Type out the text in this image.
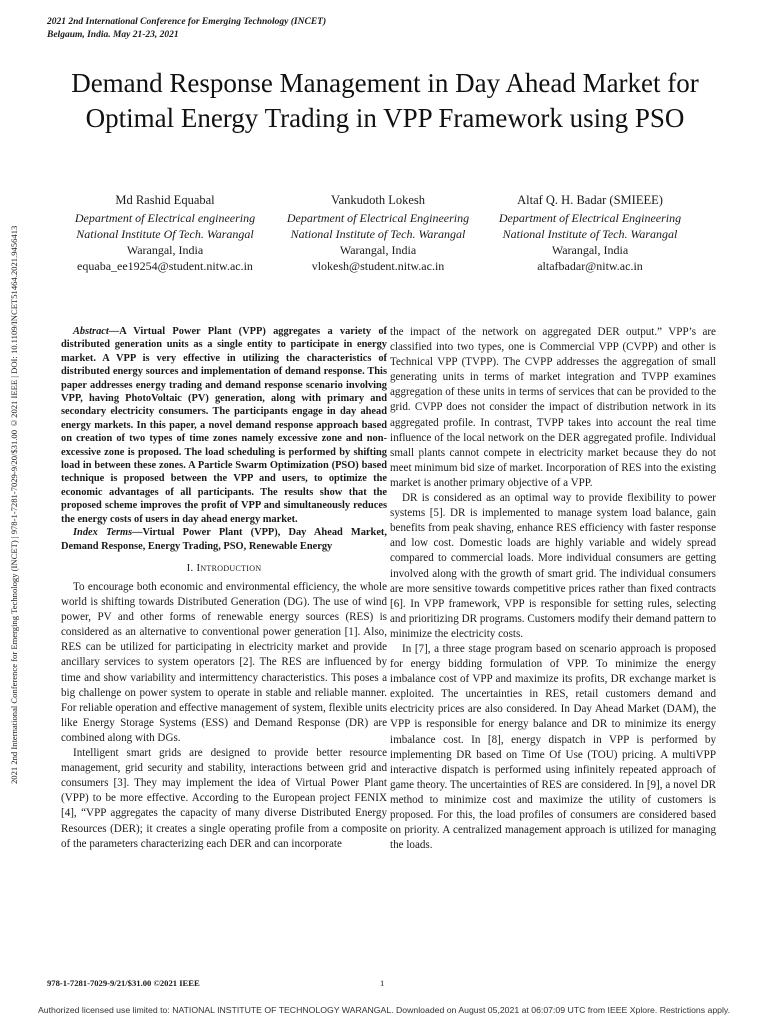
2021 2nd International Conference for Emerging Technology (INCET)
Belgaum, India. May 21-23, 2021
2021 2nd International Conference for Emerging Technology (INCET) | 978-1-7281-7029-9/20/$31.00 ©2021 IEEE | DOI: 10.1109/INCET51464.2021.9456413
Demand Response Management in Day Ahead Market for Optimal Energy Trading in VPP Framework using PSO
Md Rashid Equabal
Department of Electrical engineering
National Institute Of Tech. Warangal
Warangal, India
equaba_ee19254@student.nitw.ac.in
Vankudoth Lokesh
Department of Electrical Engineering
National Institute of Tech. Warangal
Warangal, India
vlokesh@student.nitw.ac.in
Altaf Q. H. Badar (SMIEEE)
Department of Electrical Engineering
National Institute of Tech. Warangal
Warangal, India
altafbadar@nitw.ac.in

Abstract—A Virtual Power Plant (VPP) aggregates a variety of distributed generation units as a single entity to participate in energy market. A VPP is very effective in utilizing the characteristics of distributed energy sources and implementation of demand response. This paper addresses energy trading and demand response scenario involving VPP, having PhotoVoltaic (PV) generation, along with primary and secondary electricity consumers. The participants engage in day ahead energy markets. In this paper, a novel demand response approach based on creation of two types of time zones namely excessive zone and non-excessive zone is proposed. The load scheduling is performed by shifting load in between these zones. A Particle Swarm Optimization (PSO) based technique is proposed between the VPP and users, to optimize the economic advantages of all participants. The results show that the proposed scheme improves the profit of VPP and simultaneously reduces the energy costs of users in day ahead energy market.

Index Terms—Virtual Power Plant (VPP), Day Ahead Market, Demand Response, Energy Trading, PSO, Renewable Energy

I. Introduction

To encourage both economic and environmental efficiency, the whole world is shifting towards Distributed Generation (DG). The use of wind power, PV and other forms of renewable energy sources (RES) is considered as an alternative to conventional power generation [1]. Also, RES can be utilized for participating in electricity market and provide ancillary services to system operators [2]. The RES are influenced by time and show variability and intermittency characteristics. This poses a big challenge on power system to operate in stable and reliable manner. For reliable operation and effective management of system, flexible units like Energy Storage Systems (ESS) and Demand Response (DR) are combined along with DGs.

Intelligent smart grids are designed to provide better resource management, grid security and stability, interactions between grid and consumers [3]. They may implement the idea of Virtual Power Plant (VPP) to be more effective. According to the European project FENIX [4], “VPP aggregates the capacity of many diverse Distributed Energy Resources (DER); it creates a single operating profile from a composite of the parameters characterizing each DER and can incorporate

the impact of the network on aggregated DER output.” VPP’s are classified into two types, one is Commercial VPP (CVPP) and other is Technical VPP (TVPP). The CVPP addresses the aggregation of small generating units in terms of market integration and TVPP examines aggregation of these units in terms of services that can be provided to the grid. CVPP does not consider the impact of distribution network in its aggregated profile. In contrast, TVPP takes into account the real time influence of the local network on the DER aggregated profile. Individual small plants cannot compete in electricity market because they do not meet minimum bid size of market. Incorporation of RES into the existing market is another primary objective of a VPP.

DR is considered as an optimal way to provide flexibility to power systems [5]. DR is implemented to manage system load balance, gain benefits from peak shaving, enhance RES efficiency with faster response and low cost. Domestic loads are highly variable and widely spread compared to commercial loads. More individual consumers are getting involved along with the growth of smart grid. The individual consumers are more sensitive towards competitive prices rather than fixed contracts [6]. In VPP framework, VPP is responsible for setting rules, selecting and prioritizing DR programs. Customers modify their demand pattern to minimize the electricity costs.

In [7], a three stage program based on scenario approach is proposed for energy bidding formulation of VPP. To minimize the energy imbalance cost of VPP and maximize its profits, DR exchange market is exploited. The uncertainties in RES, retail customers demand and electricity prices are also considered. In Day Ahead Market (DAM), the VPP is responsible for energy balance and DR to minimize its energy imbalance cost. In [8], energy dispatch in VPP is performed by implementing DR based on Time Of Use (TOU) pricing. A multiVPP interactive dispatch is performed using infinitely repeated approach of game theory. The uncertainties of RES are considered. In [9], a novel DR method to minimize cost and maximize the utility of customers is proposed. For this, the load profiles of consumers are considered based on priority. A centralized management approach is utilized for managing the loads.

978-1-7281-7029-9/21/$31.00 ©2021 IEEE	1
Authorized licensed use limited to: NATIONAL INSTITUTE OF TECHNOLOGY WARANGAL. Downloaded on August 05,2021 at 06:07:09 UTC from IEEE Xplore. Restrictions apply.
